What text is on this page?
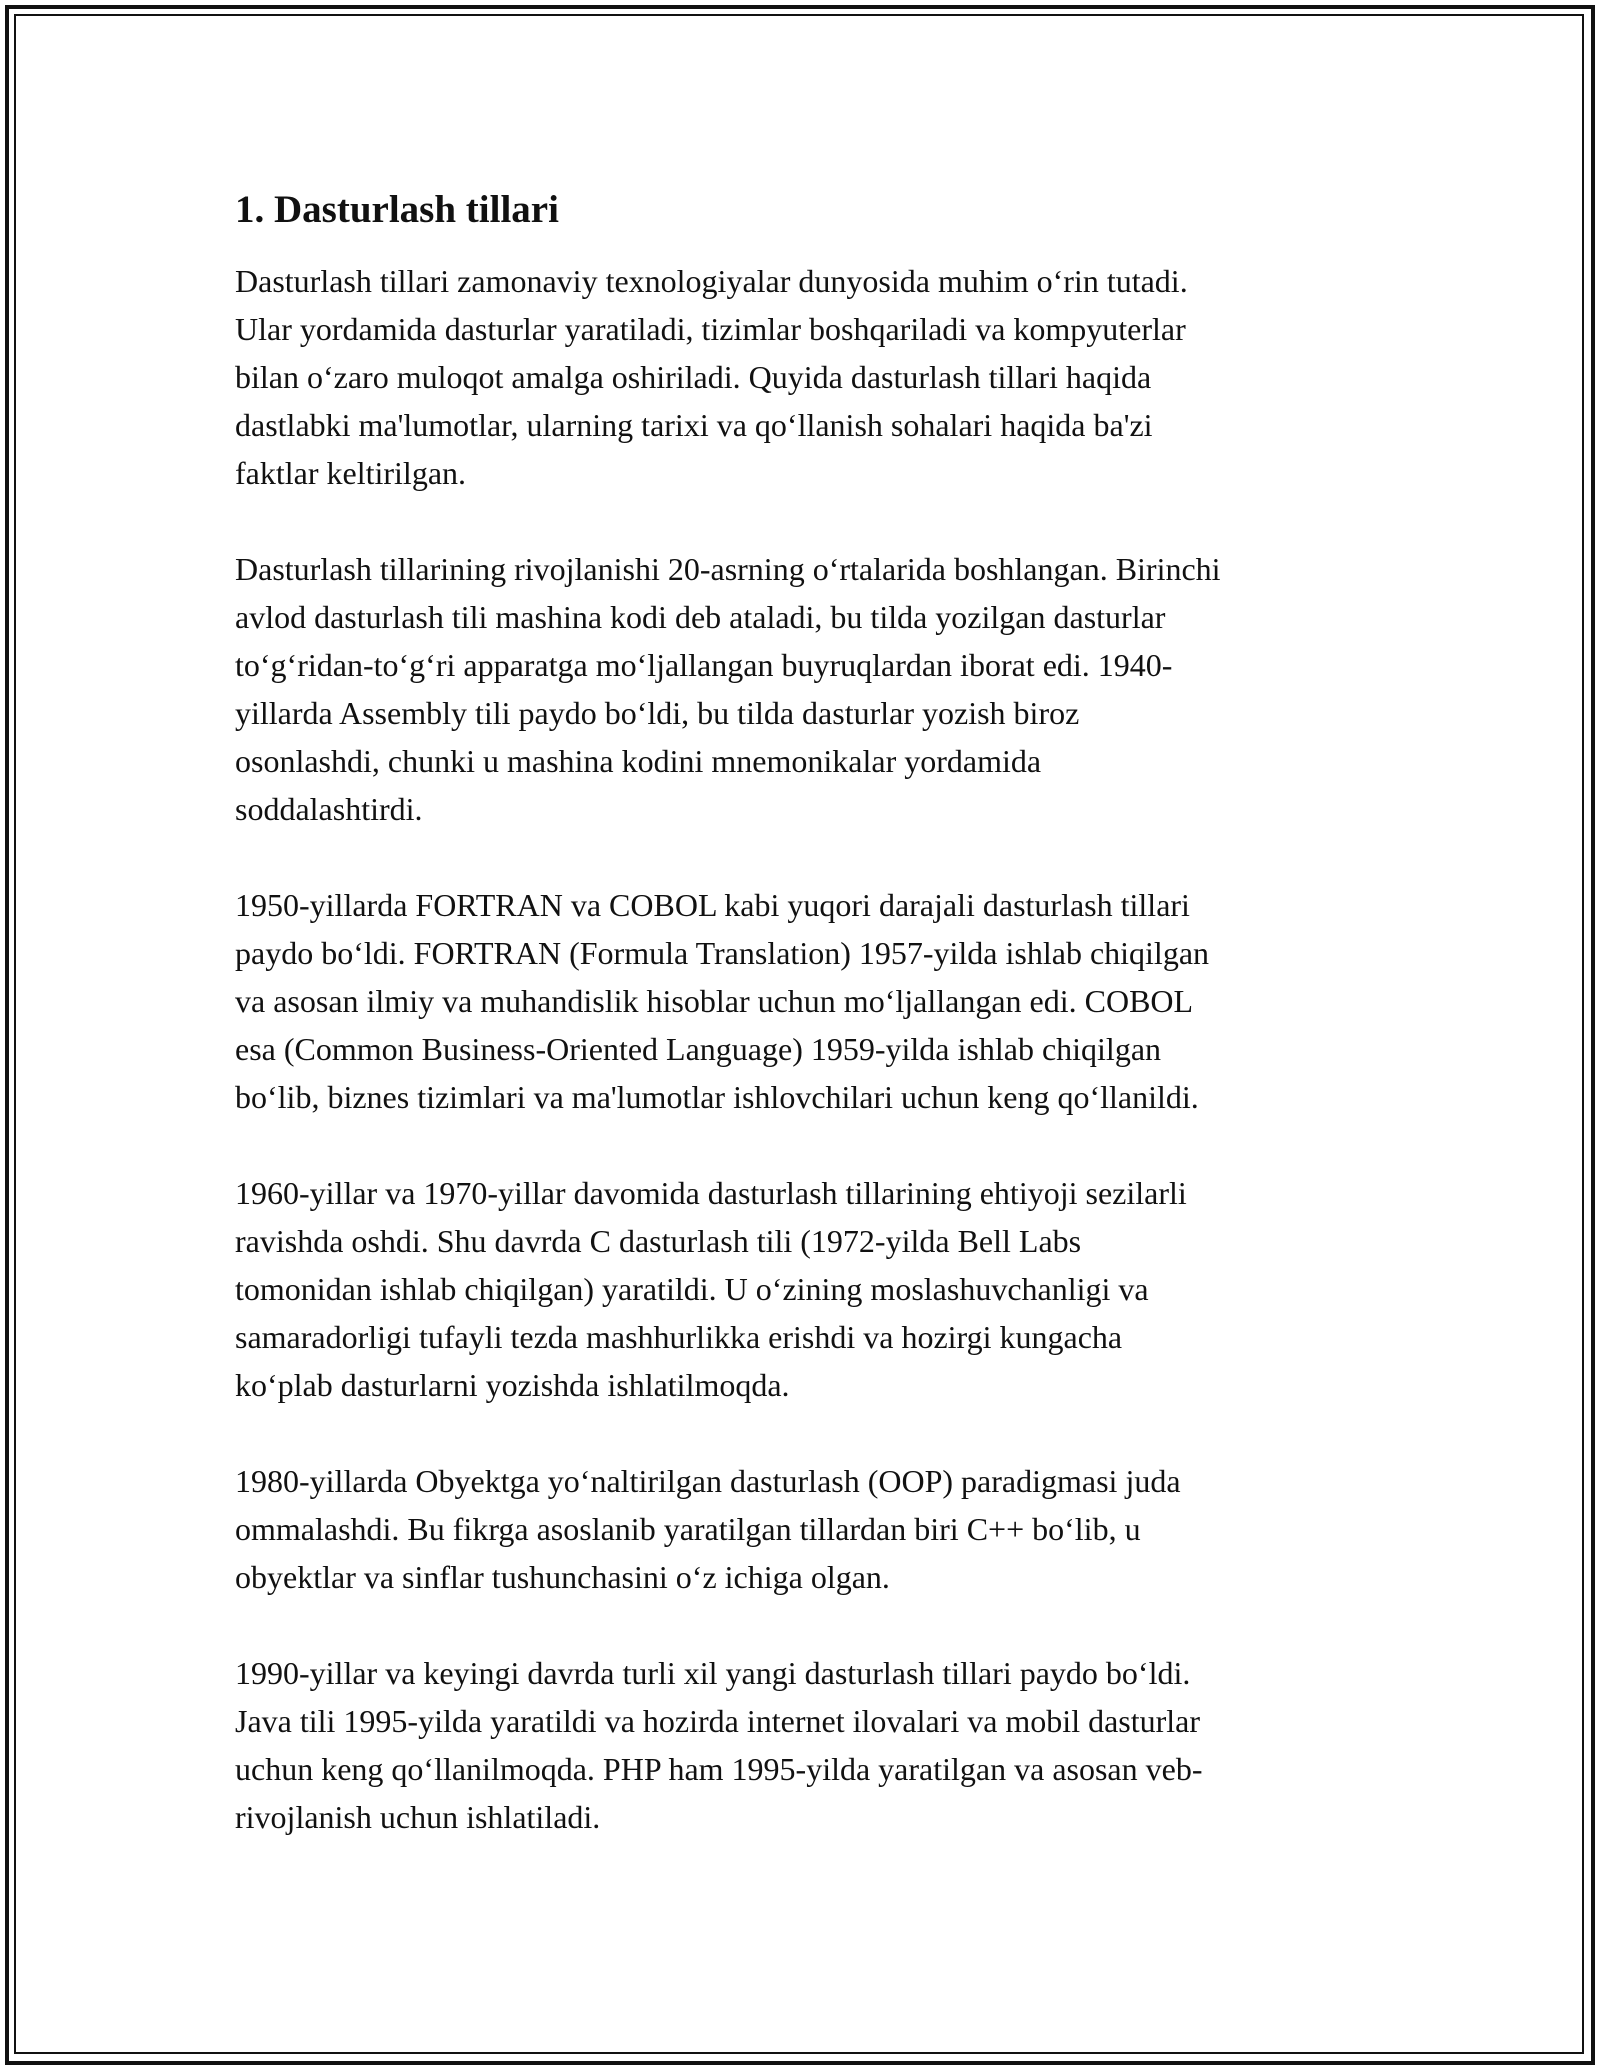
1. Dasturlash tillari

Dasturlash tillari zamonaviy texnologiyalar dunyosida muhim oʻrin tutadi.
Ular yordamida dasturlar yaratiladi, tizimlar boshqariladi va kompyuterlar
bilan oʻzaro muloqot amalga oshiriladi. Quyida dasturlash tillari haqida
dastlabki ma'lumotlar, ularning tarixi va qoʻllanish sohalari haqida ba'zi
faktlar keltirilgan.

Dasturlash tillarining rivojlanishi 20-asrning oʻrtalarida boshlangan. Birinchi
avlod dasturlash tili mashina kodi deb ataladi, bu tilda yozilgan dasturlar
toʻgʻridan-toʻgʻri apparatga moʻljallangan buyruqlardan iborat edi. 1940-
yillarda Assembly tili paydo boʻldi, bu tilda dasturlar yozish biroz
osonlashdi, chunki u mashina kodini mnemonikalar yordamida
soddalashtirdi.

1950-yillarda FORTRAN va COBOL kabi yuqori darajali dasturlash tillari
paydo boʻldi. FORTRAN (Formula Translation) 1957-yilda ishlab chiqilgan
va asosan ilmiy va muhandislik hisoblar uchun moʻljallangan edi. COBOL
esa (Common Business-Oriented Language) 1959-yilda ishlab chiqilgan
boʻlib, biznes tizimlari va ma'lumotlar ishlovchilari uchun keng qoʻllanildi.

1960-yillar va 1970-yillar davomida dasturlash tillarining ehtiyoji sezilarli
ravishda oshdi. Shu davrda C dasturlash tili (1972-yilda Bell Labs
tomonidan ishlab chiqilgan) yaratildi. U oʻzining moslashuvchanligi va
samaradorligi tufayli tezda mashhurlikka erishdi va hozirgi kungacha
koʻplab dasturlarni yozishda ishlatilmoqda.

1980-yillarda Obyektga yoʻnaltirilgan dasturlash (OOP) paradigmasi juda
ommalashdi. Bu fikrga asoslanib yaratilgan tillardan biri C++ boʻlib, u
obyektlar va sinflar tushunchasini oʻz ichiga olgan.

1990-yillar va keyingi davrda turli xil yangi dasturlash tillari paydo boʻldi.
Java tili 1995-yilda yaratildi va hozirda internet ilovalari va mobil dasturlar
uchun keng qoʻllanilmoqda. PHP ham 1995-yilda yaratilgan va asosan veb-
rivojlanish uchun ishlatiladi.
